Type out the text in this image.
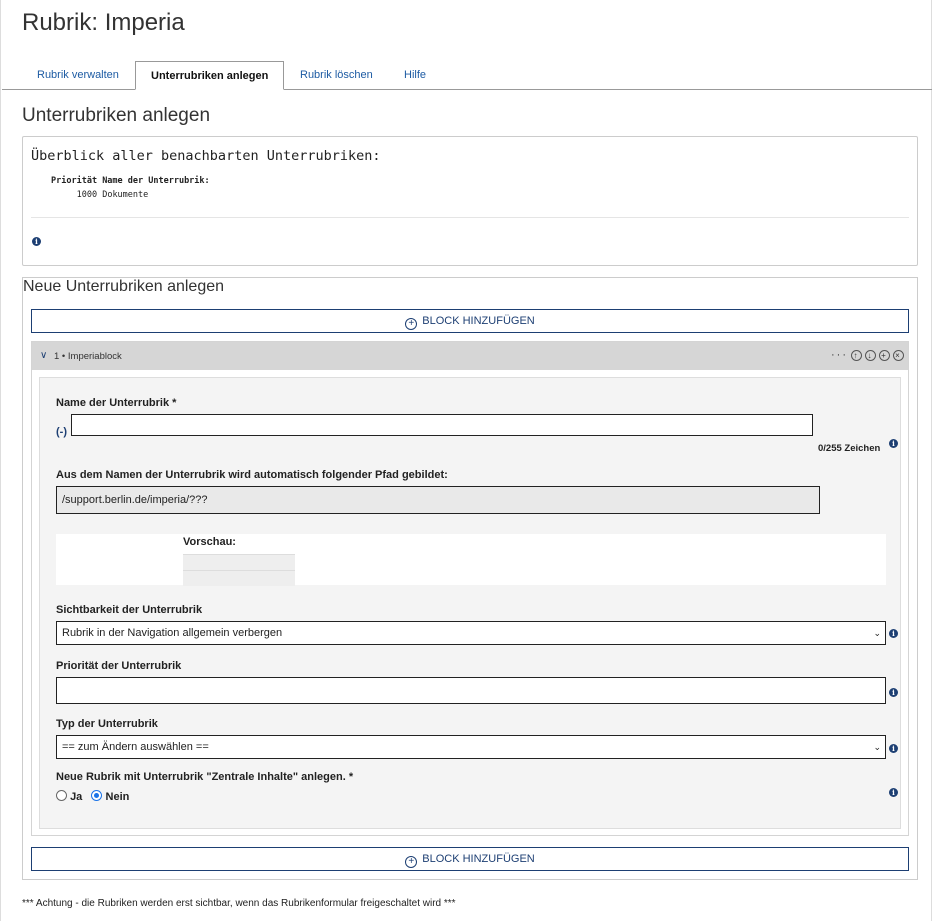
Rubrik: Imperia
Rubrik verwalten	Unterrubriken anlegen	Rubrik löschen	Hilfe
Unterrubriken anlegen
Überblick aller benachbarten Unterrubriken:
Priorität Name der Unterrubrik:
1000 Dokumente
i
Neue Unterrubriken anlegen
+ BLOCK HINZUFÜGEN
∨ 1 • Imperiablock	··· ↑ ↓ + ×
Name der Unterrubrik *
(-)
0/255 Zeichen	i
Aus dem Namen der Unterrubrik wird automatisch folgender Pfad gebildet:
/support.berlin.de/imperia/???
Vorschau:
Sichtbarkeit der Unterrubrik
Rubrik in der Navigation allgemein verbergen	⌄	i
Priorität der Unterrubrik
i
Typ der Unterrubrik
== zum Ändern auswählen ==	⌄	i
Neue Rubrik mit Unterrubrik "Zentrale Inhalte" anlegen. *
Ja Nein	i
+ BLOCK HINZUFÜGEN
*** Achtung - die Rubriken werden erst sichtbar, wenn das Rubrikenformular freigeschaltet wird ***
